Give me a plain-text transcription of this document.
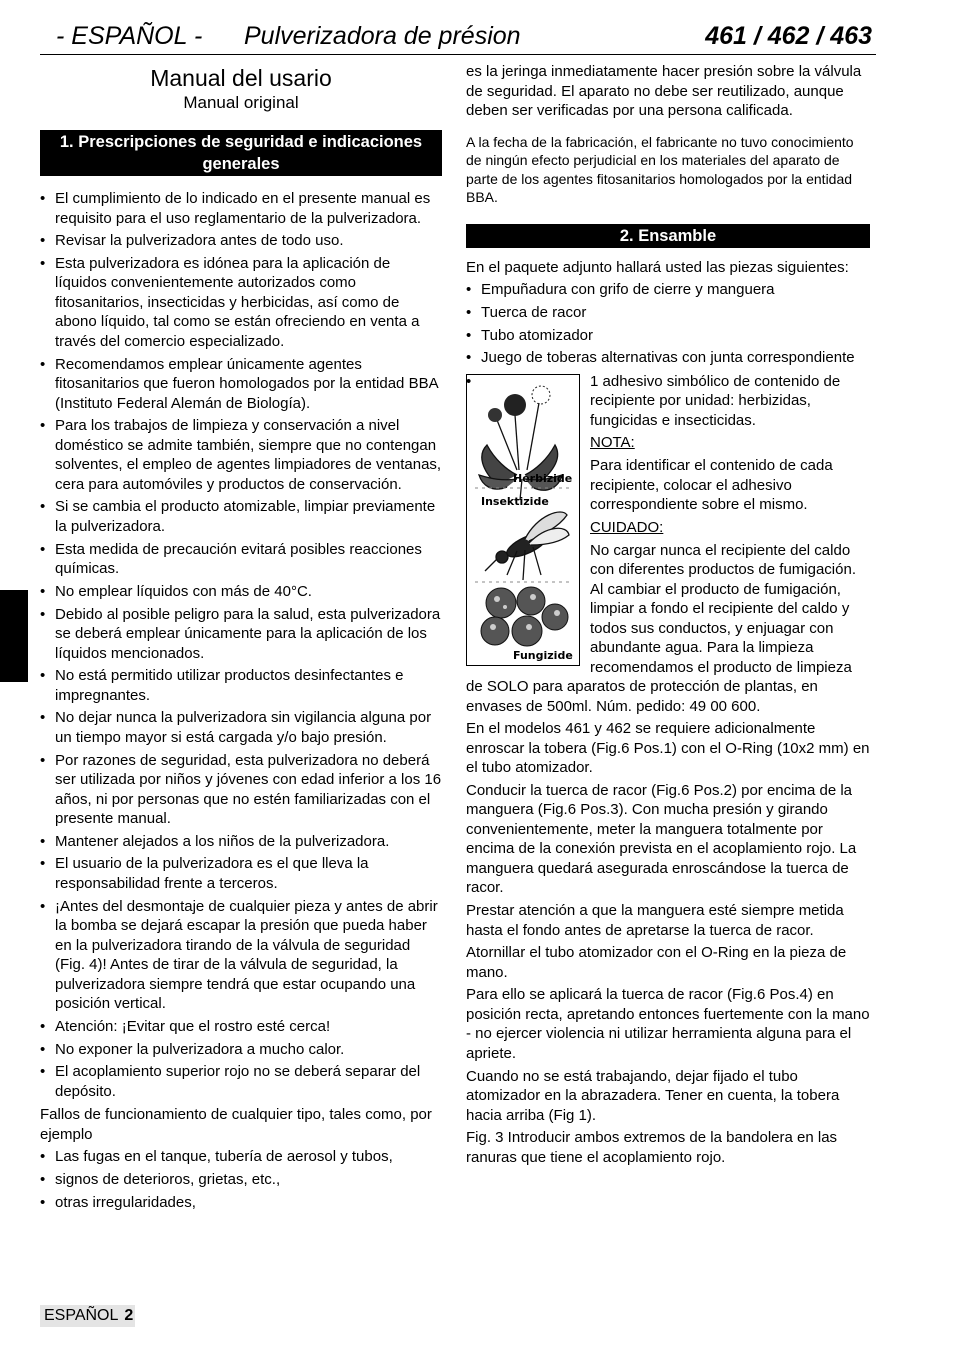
- ESPAÑOL - Pulverizadora de présion	461 / 462 / 463
Manual del usario
Manual original
1. Prescripciones de seguridad e indicaciones generales
• El cumplimiento de lo indicado en el presente manual es requisito para el uso reglamentario de la pulverizadora.
• Revisar la pulverizadora antes de todo uso.
• Esta pulverizadora es idónea para la aplicación de líquidos convenientemente autorizados como fitosanitarios, insecticidas y herbicidas, así como de abono líquido, tal como se están ofreciendo en venta a través del comercio especializado.
• Recomendamos emplear únicamente agentes fitosanitarios que fueron homologados por la entidad BBA (Instituto Federal Alemán de Biología).
• Para los trabajos de limpieza y conservación a nivel doméstico se admite también, siempre que no contengan solventes, el empleo de agentes limpiadores de ventanas, cera para automóviles y productos de conservación.
• Si se cambia el producto atomizable, limpiar previamente la pulverizadora.
• Esta medida de precaución evitará posibles reacciones químicas.
• No emplear líquidos con más de 40°C.
• Debido al posible peligro para la salud, esta pulverizadora se deberá emplear únicamente para la aplicación de los líquidos mencionados.
• No está permitido utilizar productos desinfectantes e impregnantes.
• No dejar nunca la pulverizadora sin vigilancia alguna por un tiempo mayor si está cargada y/o bajo presión.
• Por razones de seguridad, esta pulverizadora no deberá ser utilizada por niños y jóvenes con edad inferior a los 16 años, ni por personas que no estén familiarizadas con el presente manual.
• Mantener alejados a los niños de la pulverizadora.
• El usuario de la pulverizadora es el que lleva la responsabilidad frente a terceros.
• ¡Antes del desmontaje de cualquier pieza y antes de abrir la bomba se dejará escapar la presión que pueda haber en la pulverizadora tirando de la válvula de seguridad (Fig. 4)! Antes de tirar de la válvula de seguridad, la pulverizadora siempre tendrá que estar ocupando una posición vertical.
• Atención: ¡Evitar que el rostro esté cerca!
• No exponer la pulverizadora a mucho calor.
• El acoplamiento superior rojo no se deberá separar del depósito.

Fallos de funcionamiento de cualquier tipo, tales como, por ejemplo

• Las fugas en el tanque, tubería de aerosol y tubos,
• signos de deterioros, grietas, etc.,
• otras irregularidades,

es la jeringa inmediatamente hacer presión sobre la válvula de seguridad. El aparato no debe ser reutilizado, aunque deben ser verificadas por una persona calificada.

A la fecha de la fabricación, el fabricante no tuvo conocimiento de ningún efecto perjudicial en los materiales del aparato de parte de los agentes fitosanitarios homologados por la entidad BBA.

2. Ensamble

En el paquete adjunto hallará usted las piezas siguientes:

• Empuñadura con grifo de cierre y manguera
• Tuerca de racor
• Tubo atomizador
• Juego de toberas alternativas con junta correspondiente
Herbizide
Insektizide
Fungizide
• 1 adhesivo simbólico de contenido de recipiente por unidad: herbizidas, fungicidas e insecticidas.

NOTA:

Para identificar el contenido de cada recipiente, colocar el adhesivo correspondiente sobre el mismo.

CUIDADO:

No cargar nunca el recipiente del caldo con diferentes productos de fumigación. Al cambiar el producto de fumigación, limpiar a fondo el recipiente del caldo y todos sus conductos, y enjuagar con abundante agua. Para la limpieza recomendamos el producto de limpieza de SOLO para aparatos de protección de plantas, en envases de 500ml. Núm. pedido: 49 00 600.

En el modelos 461 y 462 se requiere adicionalmente enroscar la tobera (Fig.6 Pos.1) con el O-Ring (10x2 mm) en el tubo atomizador.

Conducir la tuerca de racor (Fig.6 Pos.2) por encima de la manguera (Fig.6 Pos.3). Con mucha presión y girando convenientemente, meter la manguera totalmente por encima de la conexión prevista en el acoplamiento rojo. La manguera quedará asegurada enroscándose la tuerca de racor.

Prestar atención a que la manguera esté siempre metida hasta el fondo antes de apretarse la tuerca de racor.

Atornillar el tubo atomizador con el O-Ring en la pieza de mano.

Para ello se aplicará la tuerca de racor (Fig.6 Pos.4) en posición recta, apretando entonces fuertemente con la mano - no ejercer violencia ni utilizar herramienta alguna para el apriete.

Cuando no se está trabajando, dejar fijado el tubo atomizador en la abrazadera. Tener en cuenta, la tobera hacia arriba (Fig 1).

Fig. 3 Introducir ambos extremos de la bandolera en las ranuras que tiene el acoplamiento rojo.

ESPAÑOL 2
